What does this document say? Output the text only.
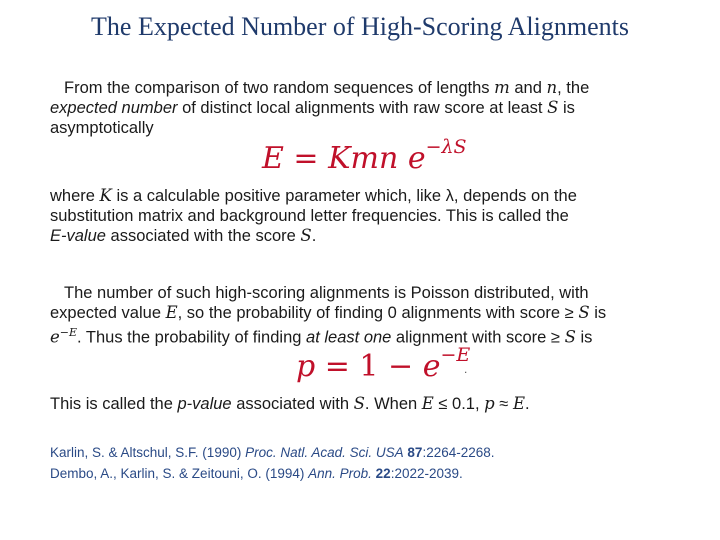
The Expected Number of High-Scoring Alignments
From the comparison of two random sequences of lengths m and n, the
expected number of distinct local alignments with raw score at least S is
asymptotically
E = Kmn $e^{-\lambda S}$
where K is a calculable positive parameter which, like λ, depends on the
substitution matrix and background letter frequencies. This is called the
E-value associated with the score S.
The number of such high-scoring alignments is Poisson distributed, with
expected value E, so the probability of finding 0 alignments with score ≥ S is
$e^{-E}$. Thus the probability of finding at least one alignment with score ≥ S is
$p = 1 - e^{-E}$
.
This is called the p-value associated with S. When E ≤ 0.1, p ≈ E.
Karlin, S. & Altschul, S.F. (1990) Proc. Natl. Acad. Sci. USA 87:2264-2268.
Dembo, A., Karlin, S. & Zeitouni, O. (1994) Ann. Prob. 22:2022-2039.
